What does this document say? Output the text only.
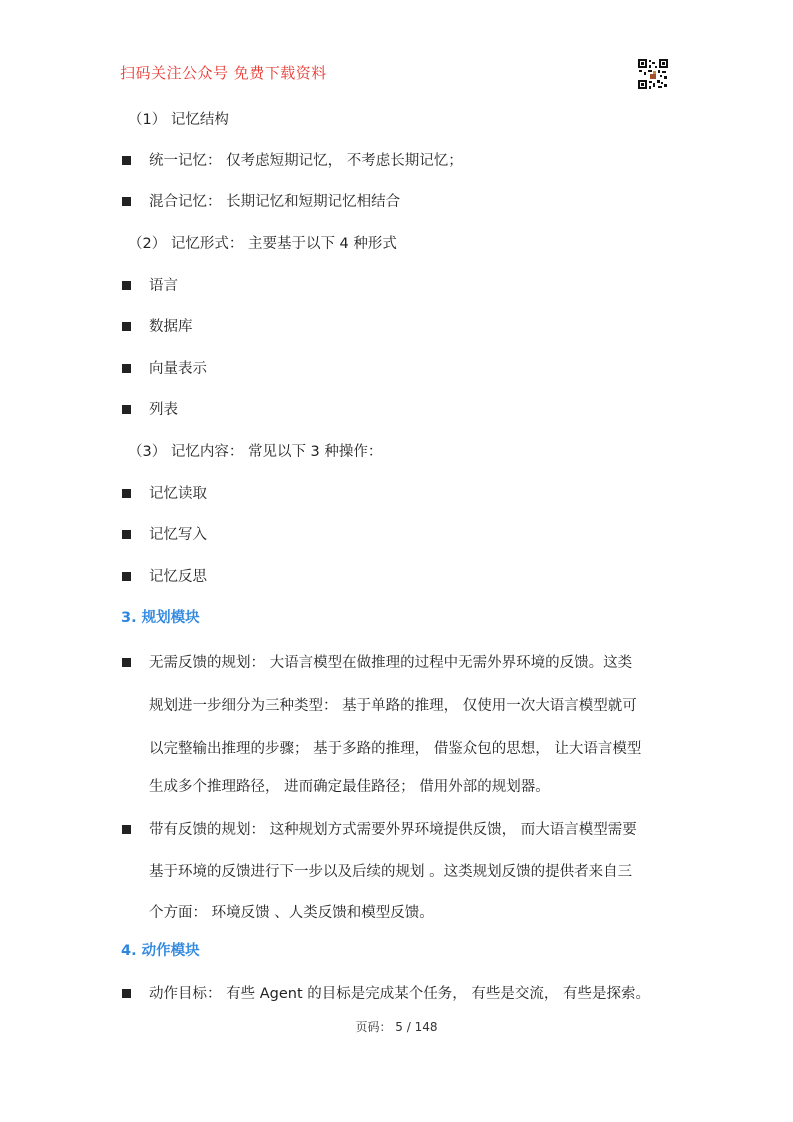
扫码关注公众号 免费下载资料
（1） 记忆结构
统一记忆： 仅考虑短期记忆， 不考虑长期记忆；
混合记忆： 长期记忆和短期记忆相结合
（2） 记忆形式： 主要基于以下 4 种形式
语言
数据库
向量表示
列表
（3） 记忆内容： 常见以下 3 种操作：
记忆读取
记忆写入
记忆反思
3. 规划模块
无需反馈的规划： 大语言模型在做推理的过程中无需外界环境的反馈。这类
规划进一步细分为三种类型： 基于单路的推理， 仅使用一次大语言模型就可
以完整输出推理的步骤； 基于多路的推理， 借鉴众包的思想， 让大语言模型
生成多个推理路径， 进而确定最佳路径； 借用外部的规划器。
带有反馈的规划： 这种规划方式需要外界环境提供反馈， 而大语言模型需要
基于环境的反馈进行下一步以及后续的规划 。这类规划反馈的提供者来自三
个方面： 环境反馈 、人类反馈和模型反馈。
4. 动作模块
动作目标： 有些 Agent 的目标是完成某个任务， 有些是交流， 有些是探索。
页码： 5 / 148
